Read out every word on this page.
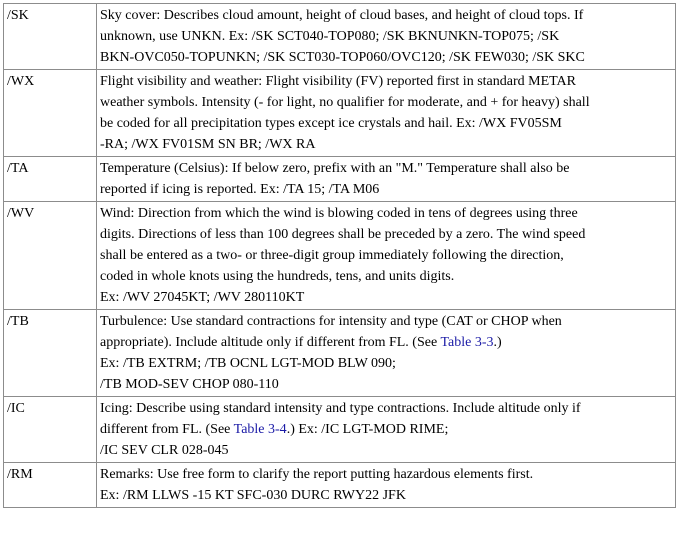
/SK	Sky cover: Describes cloud amount, height of cloud bases, and height of cloud tops. If
unknown, use UNKN. Ex: /SK SCT040-TOP080; /SK BKNUNKN-TOP075; /SK
BKN-OVC050-TOPUNKN; /SK SCT030-TOP060/OVC120; /SK FEW030; /SK SKC

/WX	Flight visibility and weather: Flight visibility (FV) reported first in standard METAR
weather symbols. Intensity (- for light, no qualifier for moderate, and + for heavy) shall
be coded for all precipitation types except ice crystals and hail. Ex: /WX FV05SM
-RA; /WX FV01SM SN BR; /WX RA

/TA	Temperature (Celsius): If below zero, prefix with an "M." Temperature shall also be
reported if icing is reported. Ex: /TA 15; /TA M06

/WV	Wind: Direction from which the wind is blowing coded in tens of degrees using three
digits. Directions of less than 100 degrees shall be preceded by a zero. The wind speed
shall be entered as a two- or three-digit group immediately following the direction,
coded in whole knots using the hundreds, tens, and units digits.
Ex: /WV 27045KT; /WV 280110KT

/TB	Turbulence: Use standard contractions for intensity and type (CAT or CHOP when
appropriate). Include altitude only if different from FL. (See Table 3-3.)
Ex: /TB EXTRM; /TB OCNL LGT-MOD BLW 090;
/TB MOD-SEV CHOP 080-110

/IC	Icing: Describe using standard intensity and type contractions. Include altitude only if
different from FL. (See Table 3-4.) Ex: /IC LGT-MOD RIME;
/IC SEV CLR 028-045

/RM	Remarks: Use free form to clarify the report putting hazardous elements first.
Ex: /RM LLWS -15 KT SFC-030 DURC RWY22 JFK
